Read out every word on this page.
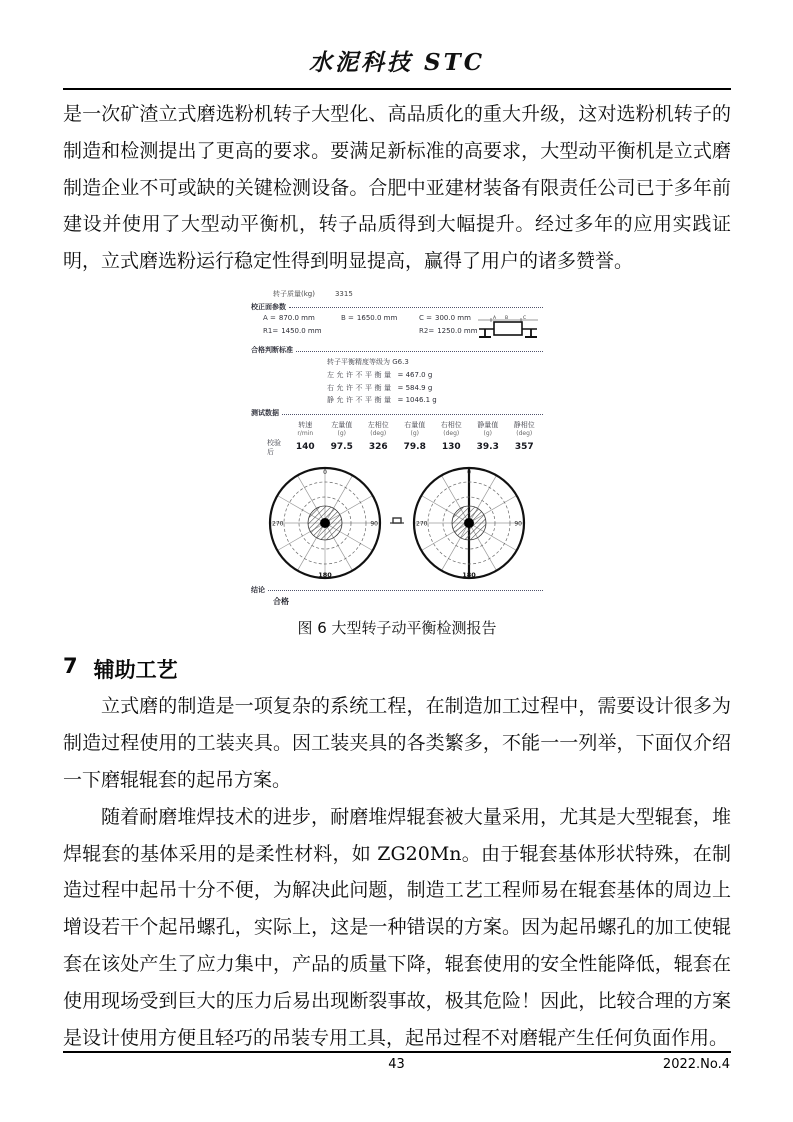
水泥科技 STC

是一次矿渣立式磨选粉机转子大型化、高品质化的重大升级，这对选粉机转子的制造和检测提出了更高的要求。要满足新标准的高要求，大型动平衡机是立式磨制造企业不可或缺的关键检测设备。合肥中亚建材装备有限责任公司已于多年前建设并使用了大型动平衡机，转子品质得到大幅提升。经过多年的应用实践证明，立式磨选粉运行稳定性得到明显提高，赢得了用户的诸多赞誉。

转子质量(kg)	3315
校正面参数
A = 870.0 mm	B = 1650.0 mm	C = 300.0 mm
R1= 1450.0 mm	R2= 1250.0 mm
A B	C
合格判断标准
转子平衡精度等级为 G6.3
左允许不平衡量 = 467.0 g
右允许不平衡量 = 584.9 g
静允许不平衡量 = 1046.1 g
测试数据
转速
r/min
左量值
(g)
左相位
(deg)
右量值
(g)
右相位
(deg)
静量值
(g)
静相位
(deg)
校验后	140	97.5	326	79.8	130	39.3	357
0
90
180
270
0
90
180
270
结论
合格
图 6 大型转子动平衡检测报告
7 辅助工艺

立式磨的制造是一项复杂的系统工程，在制造加工过程中，需要设计很多为制造过程使用的工装夹具。因工装夹具的各类繁多，不能一一列举，下面仅介绍一下磨辊辊套的起吊方案。

随着耐磨堆焊技术的进步，耐磨堆焊辊套被大量采用，尤其是大型辊套，堆焊辊套的基体采用的是柔性材料，如 ZG20Mn。由于辊套基体形状特殊，在制造过程中起吊十分不便，为解决此问题，制造工艺工程师易在辊套基体的周边上增设若干个起吊螺孔，实际上，这是一种错误的方案。因为起吊螺孔的加工使辊套在该处产生了应力集中，产品的质量下降，辊套使用的安全性能降低，辊套在使用现场受到巨大的压力后易出现断裂事故，极其危险！因此，比较合理的方案是设计使用方便且轻巧的吊装专用工具，起吊过程不对磨辊产生任何负面作用。

43	2022.No.4
